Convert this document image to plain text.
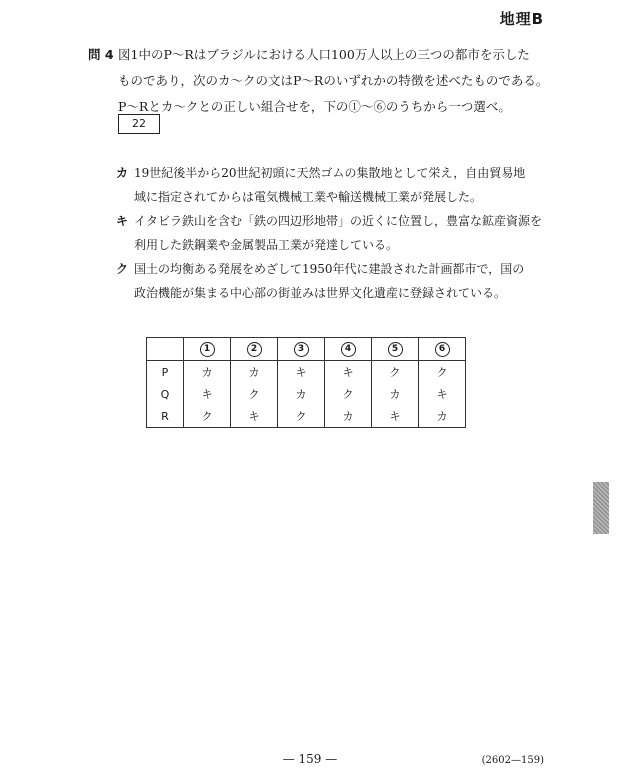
地理B
問 4 図1中のP～Rはブラジルにおける人口100万人以上の三つの都市を示した
ものであり，次のカ～クの文はP～Rのいずれかの特徴を述べたものである。
P～Rとカ～クとの正しい組合せを，下の①～⑥のうちから一つ選べ。
22
カ 19世紀後半から20世紀初頭に天然ゴムの集散地として栄え，自由貿易地
域に指定されてからは電気機械工業や輸送機械工業が発展した。
キ イタビラ鉄山を含む「鉄の四辺形地帯」の近くに位置し，豊富な鉱産資源を
利用した鉄鋼業や金属製品工業が発達している。
ク 国土の均衡ある発展をめざして1950年代に建設された計画都市で，国の
政治機能が集まる中心部の街並みは世界文化遺産に登録されている。
	1	2	3	4	5	6
P	カ	カ	キ	キ	ク	ク
Q	キ	ク	カ	ク	カ	キ
R	ク	キ	ク	カ	キ	カ
— 159 —	(2602—159)
